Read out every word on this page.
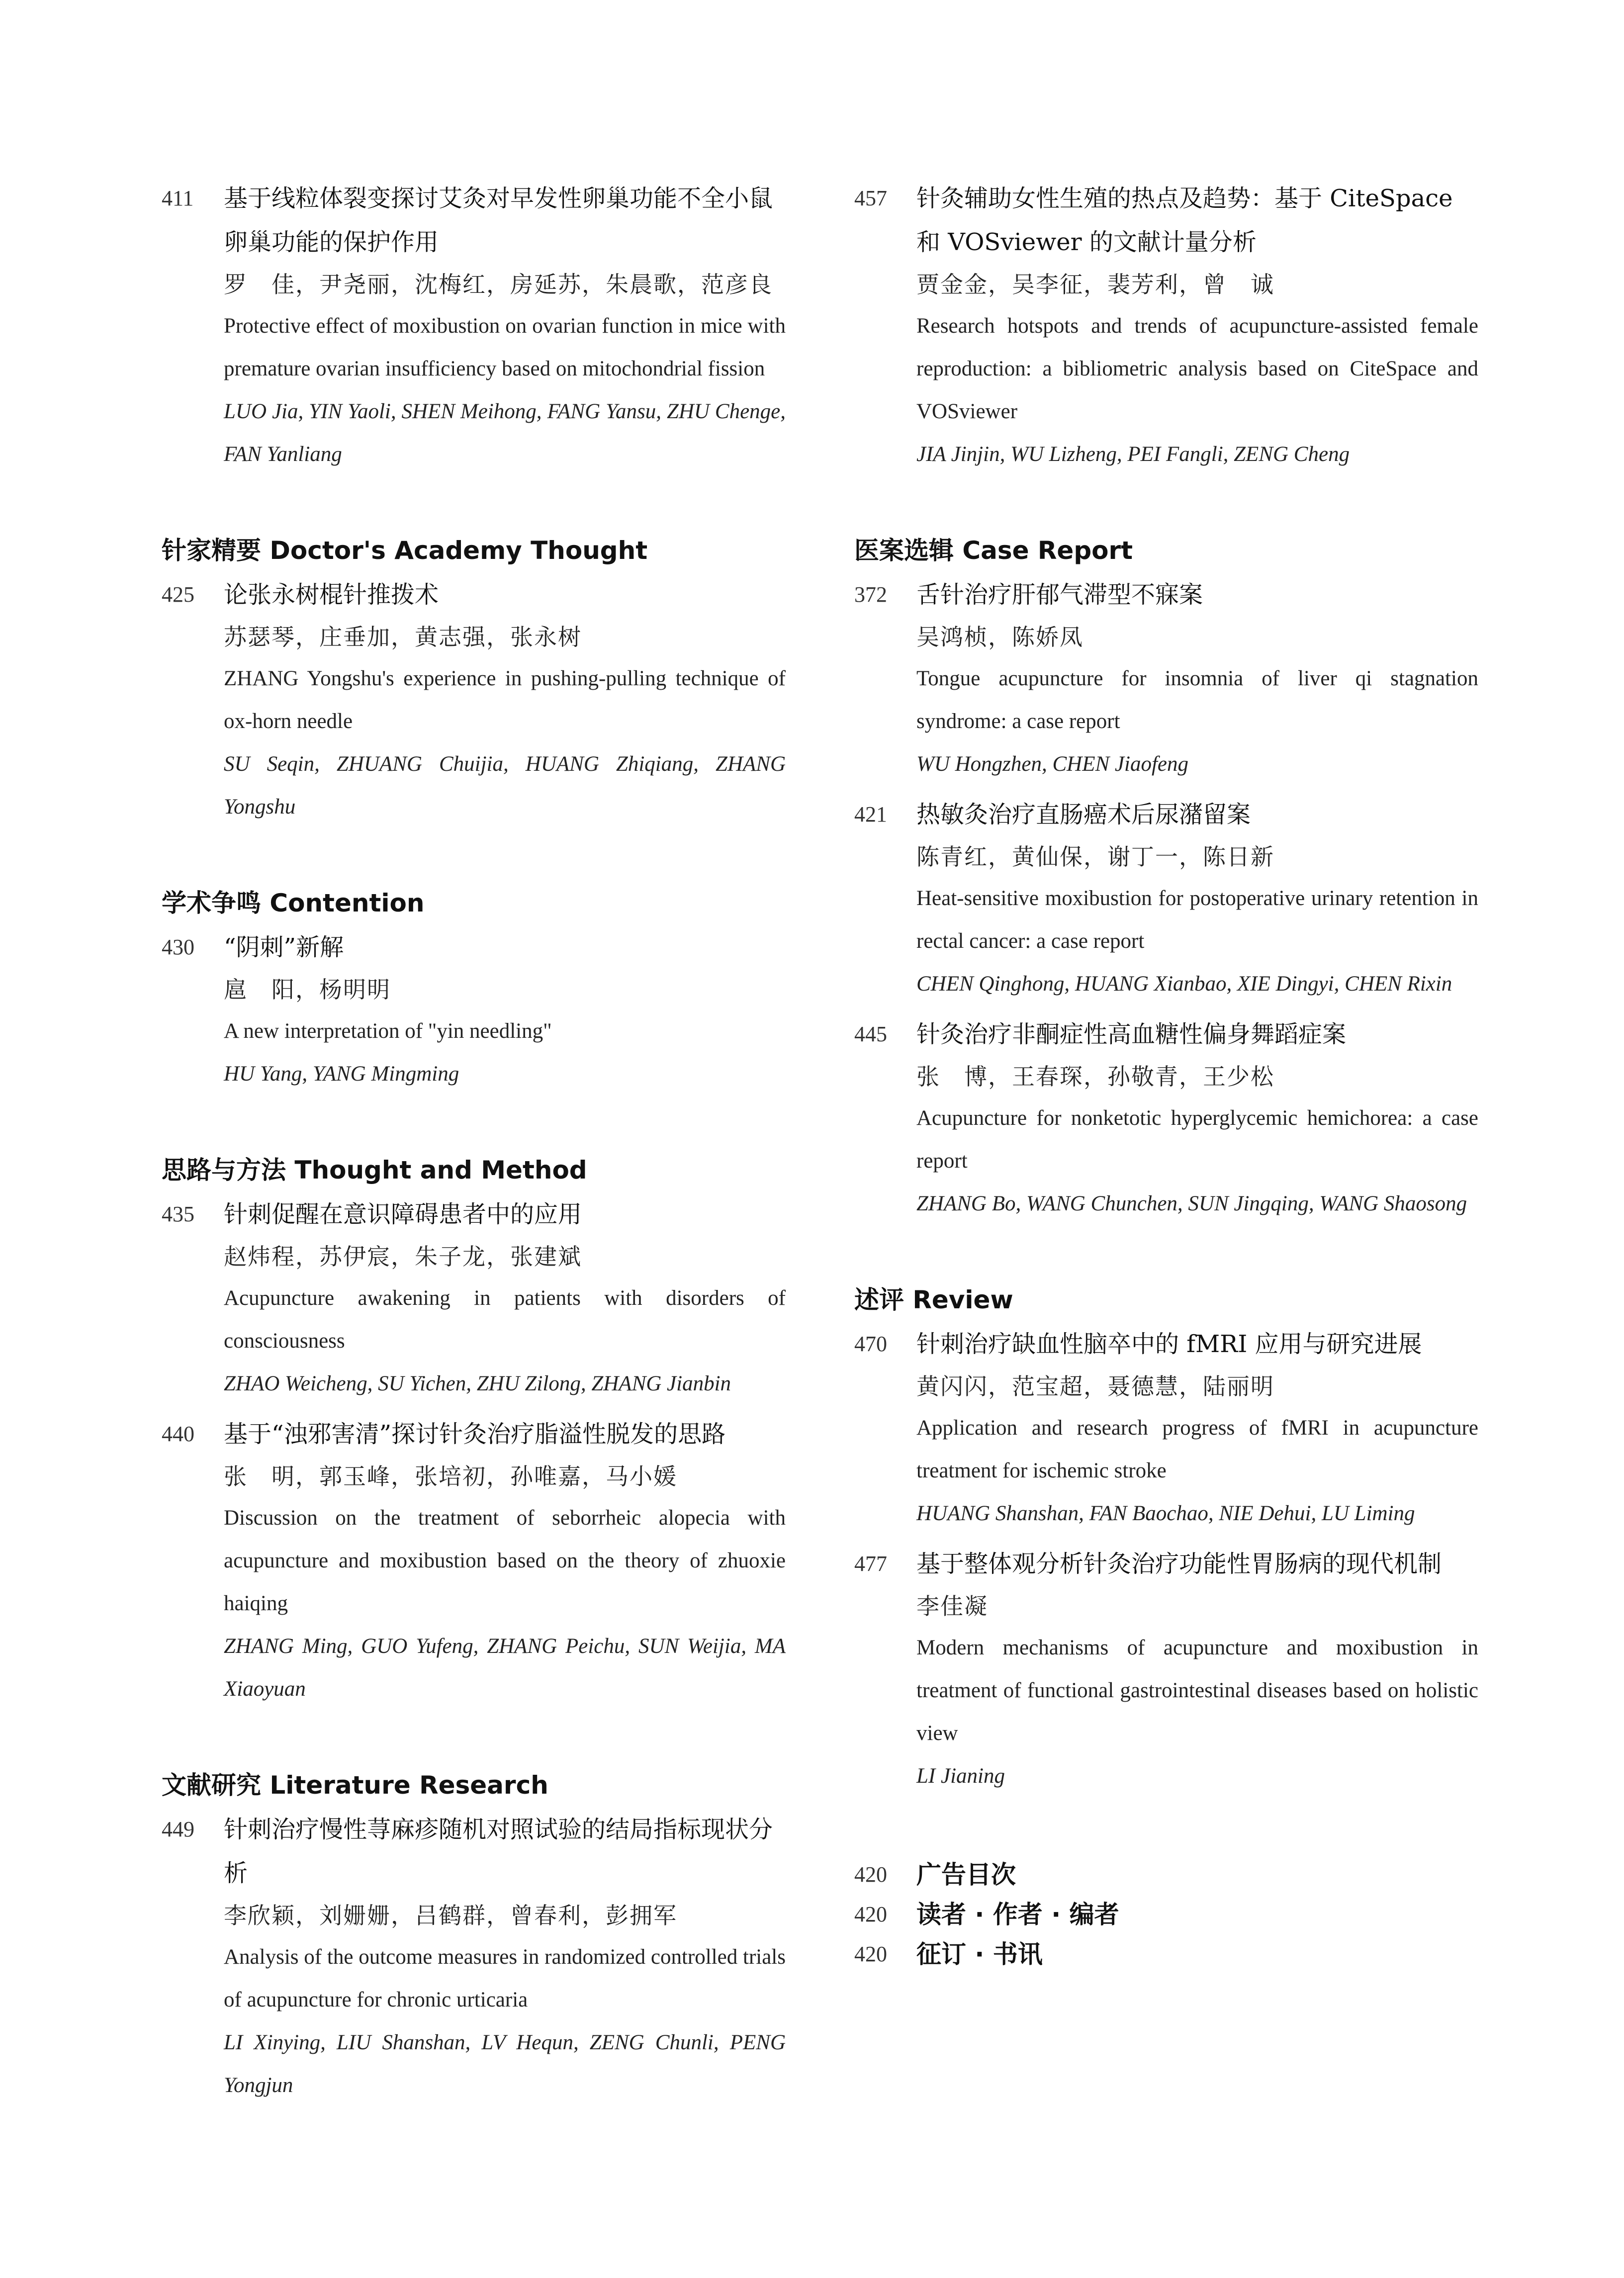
411	基于线粒体裂变探讨艾灸对早发性卵巢功能不全小鼠卵巢功能的保护作用
罗　佳，尹尧丽，沈梅红，房延苏，朱晨歌，范彦良
Protective effect of moxibustion on ovarian function in mice with premature ovarian insufficiency based on mitochondrial fission
LUO Jia, YIN Yaoli, SHEN Meihong, FANG Yansu, ZHU Chenge, FAN Yanliang
针家精要 Doctor's Academy Thought
425	论张永树棍针推拨术
苏瑟琴，庄垂加，黄志强，张永树
ZHANG Yongshu's experience in pushing-pulling technique of ox-horn needle
SU Seqin, ZHUANG Chuijia, HUANG Zhiqiang, ZHANG Yongshu
学术争鸣 Contention
430	“阴刺”新解
扈　阳，杨明明
A new interpretation of "yin needling"
HU Yang, YANG Mingming
思路与方法 Thought and Method
435	针刺促醒在意识障碍患者中的应用
赵炜程，苏伊宸，朱子龙，张建斌
Acupuncture awakening in patients with disorders of consciousness
ZHAO Weicheng, SU Yichen, ZHU Zilong, ZHANG Jianbin
440	基于“浊邪害清”探讨针灸治疗脂溢性脱发的思路
张　明，郭玉峰，张培初，孙唯嘉，马小媛
Discussion on the treatment of seborrheic alopecia with acupuncture and moxibustion based on the theory of zhuoxie haiqing
ZHANG Ming, GUO Yufeng, ZHANG Peichu, SUN Weijia, MA Xiaoyuan
文献研究 Literature Research
449	针刺治疗慢性荨麻疹随机对照试验的结局指标现状分析
李欣颖，刘姗姗，吕鹤群，曾春利，彭拥军
Analysis of the outcome measures in randomized controlled trials of acupuncture for chronic urticaria
LI Xinying, LIU Shanshan, LV Hequn, ZENG Chunli, PENG Yongjun
457	针灸辅助女性生殖的热点及趋势：基于 CiteSpace 和 VOSviewer 的文献计量分析
贾金金，吴李征，裴芳利，曾　诚
Research hotspots and trends of acupuncture-assisted female reproduction: a bibliometric analysis based on CiteSpace and VOSviewer
JIA Jinjin, WU Lizheng, PEI Fangli, ZENG Cheng
医案选辑 Case Report
372	舌针治疗肝郁气滞型不寐案
吴鸿桢，陈娇凤
Tongue acupuncture for insomnia of liver qi stagnation syndrome: a case report
WU Hongzhen, CHEN Jiaofeng
421	热敏灸治疗直肠癌术后尿潴留案
陈青红，黄仙保，谢丁一，陈日新
Heat-sensitive moxibustion for postoperative urinary retention in rectal cancer: a case report
CHEN Qinghong, HUANG Xianbao, XIE Dingyi, CHEN Rixin
445	针灸治疗非酮症性高血糖性偏身舞蹈症案
张　博，王春琛，孙敬青，王少松
Acupuncture for nonketotic hyperglycemic hemichorea: a case report
ZHANG Bo, WANG Chunchen, SUN Jingqing, WANG Shaosong
述评 Review
470	针刺治疗缺血性脑卒中的 fMRI 应用与研究进展
黄闪闪，范宝超，聂德慧，陆丽明
Application and research progress of fMRI in acupuncture treatment for ischemic stroke
HUANG Shanshan, FAN Baochao, NIE Dehui, LU Liming
477	基于整体观分析针灸治疗功能性胃肠病的现代机制
李佳凝
Modern mechanisms of acupuncture and moxibustion in treatment of functional gastrointestinal diseases based on holistic view
LI Jianing
420	广告目次
420	读者 · 作者 · 编者
420	征订 · 书讯
